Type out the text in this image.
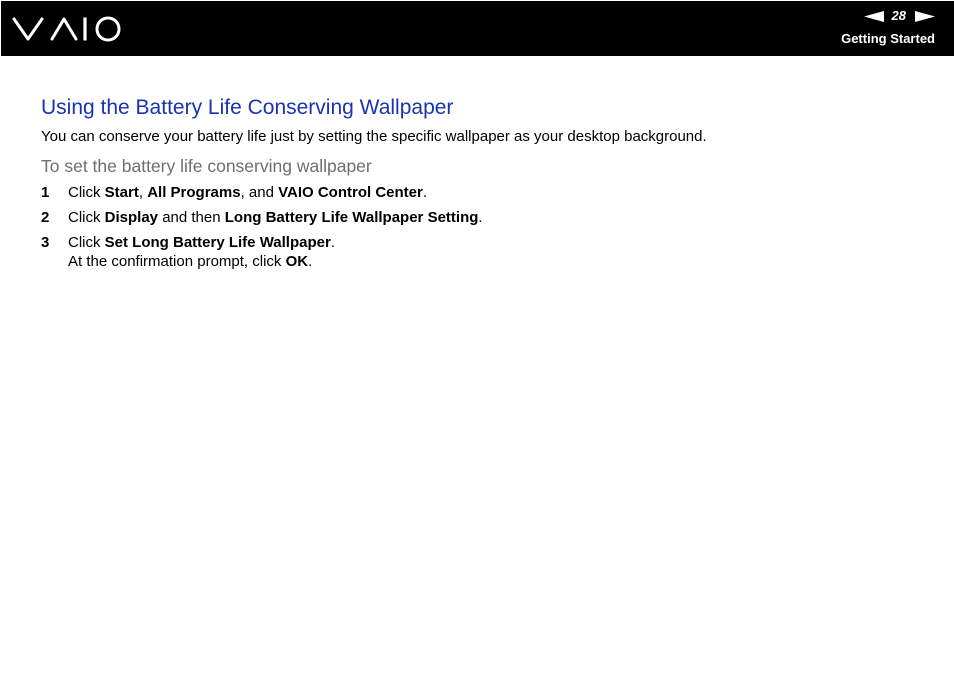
28
Getting Started
Using the Battery Life Conserving Wallpaper

You can conserve your battery life just by setting the specific wallpaper as your desktop background.

To set the battery life conserving wallpaper
1 Click Start, All Programs, and VAIO Control Center.
2 Click Display and then Long Battery Life Wallpaper Setting.
3 Click Set Long Battery Life Wallpaper.
At the confirmation prompt, click OK.
